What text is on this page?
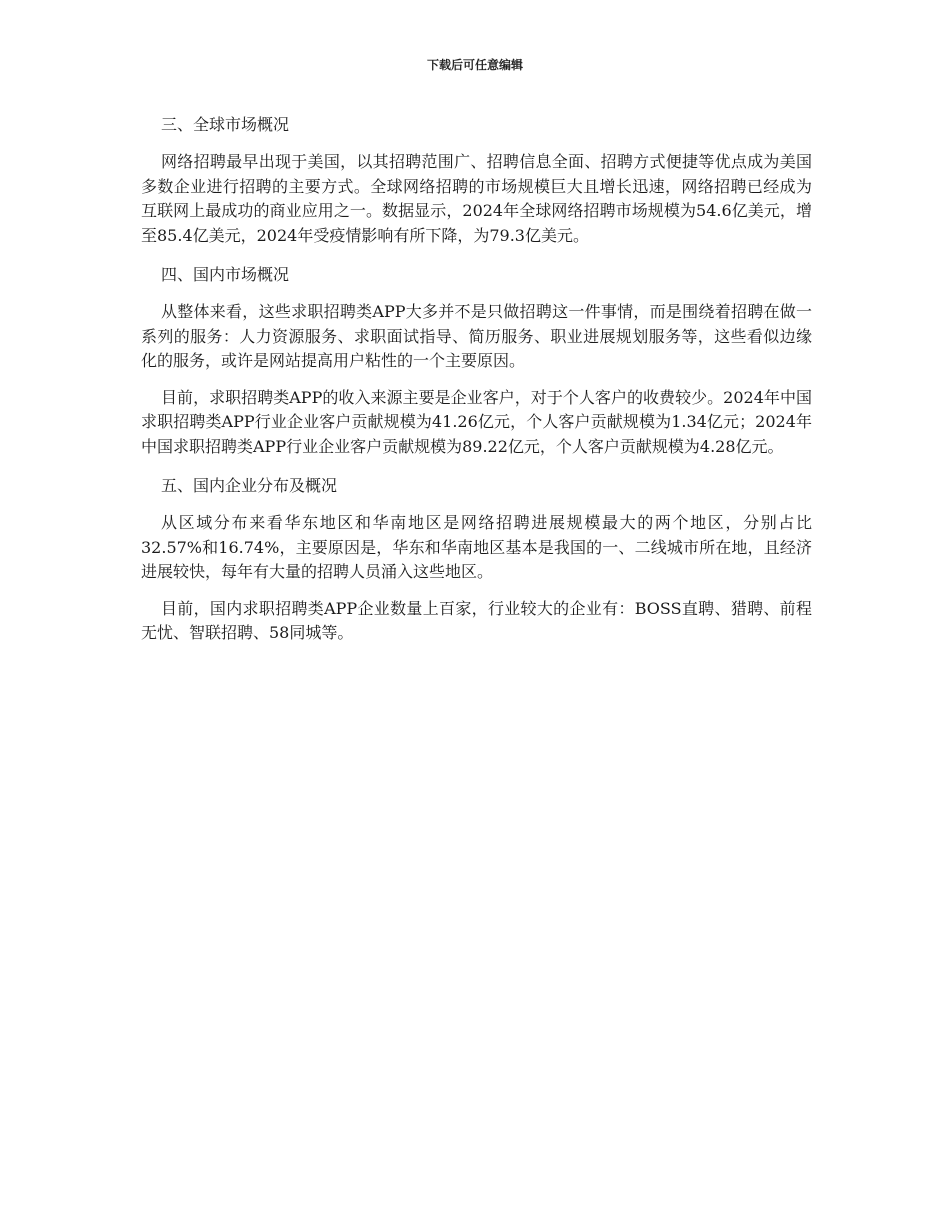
下载后可任意编辑
三、全球市场概况

网络招聘最早出现于美国，以其招聘范围广、招聘信息全面、招聘方式便捷等优点成为美国多数企业进行招聘的主要方式。全球网络招聘的市场规模巨大且增长迅速，网络招聘已经成为互联网上最成功的商业应用之一。数据显示，2024年全球网络招聘市场规模为54.6亿美元，增至85.4亿美元，2024年受疫情影响有所下降，为79.3亿美元。

四、国内市场概况

从整体来看，这些求职招聘类APP大多并不是只做招聘这一件事情，而是围绕着招聘在做一系列的服务：人力资源服务、求职面试指导、简历服务、职业进展规划服务等，这些看似边缘化的服务，或许是网站提高用户粘性的一个主要原因。

目前，求职招聘类APP的收入来源主要是企业客户，对于个人客户的收费较少。2024年中国求职招聘类APP行业企业客户贡献规模为41.26亿元，个人客户贡献规模为1.34亿元；2024年中国求职招聘类APP行业企业客户贡献规模为89.22亿元，个人客户贡献规模为4.28亿元。

五、国内企业分布及概况

从区域分布来看华东地区和华南地区是网络招聘进展规模最大的两个地区，分别占比32.57%和16.74%，主要原因是，华东和华南地区基本是我国的一、二线城市所在地，且经济进展较快，每年有大量的招聘人员涌入这些地区。

目前，国内求职招聘类APP企业数量上百家，行业较大的企业有：BOSS直聘、猎聘、前程无忧、智联招聘、58同城等。
